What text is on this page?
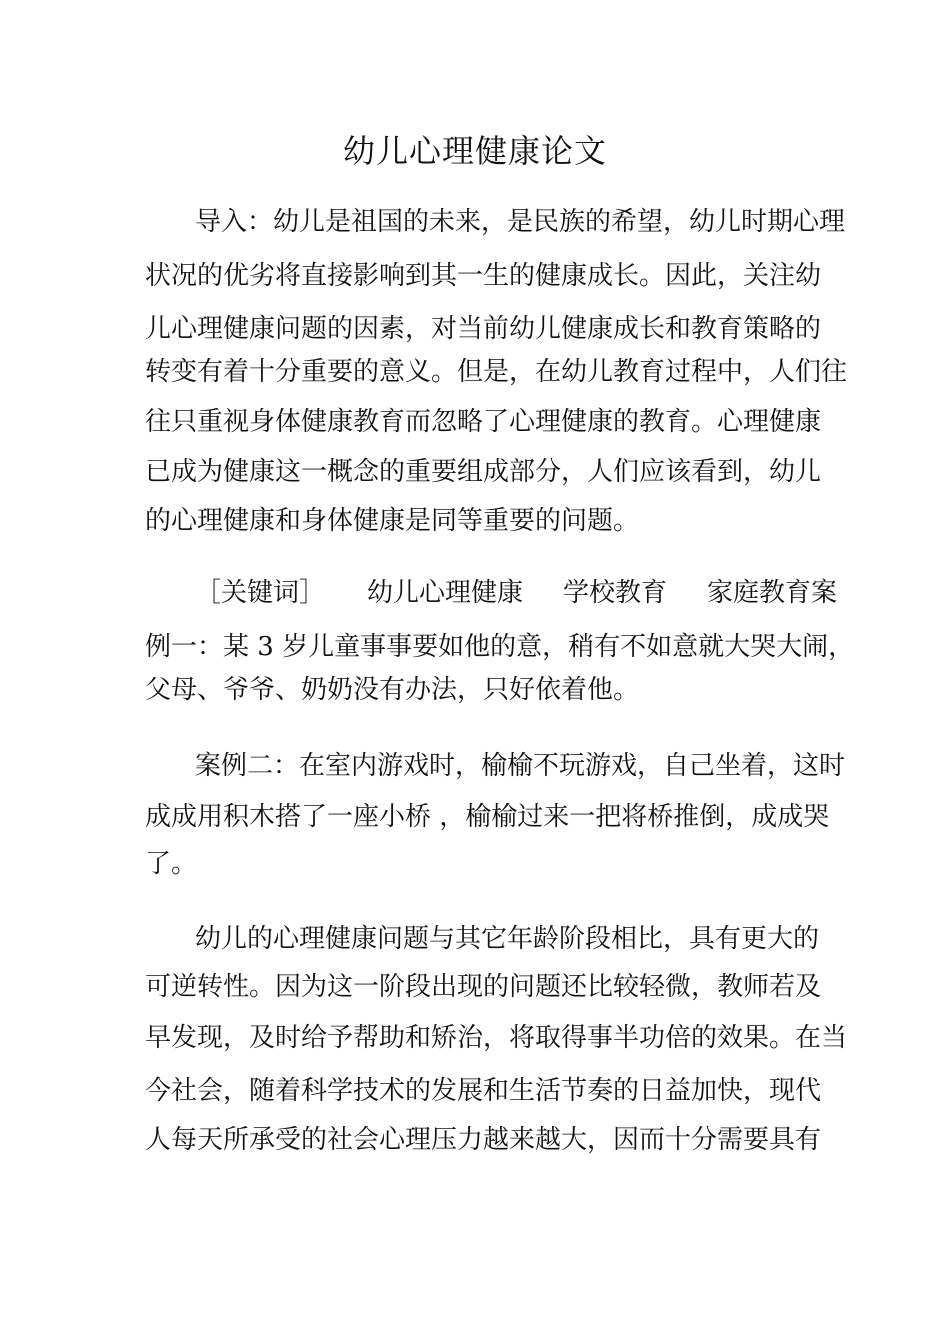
幼儿心理健康论文
导入：幼儿是祖国的未来，是民族的希望，幼儿时期心理
状况的优劣将直接影响到其一生的健康成长。因此，关注幼
儿心理健康问题的因素，对当前幼儿健康成长和教育策略的
转变有着十分重要的意义。但是，在幼儿教育过程中，人们往
往只重视身体健康教育而忽略了心理健康的教育。心理健康
已成为健康这一概念的重要组成部分，人们应该看到，幼儿
的心理健康和身体健康是同等重要的问题。
［关键词］ 幼儿心理健康 学校教育 家庭教育案
例一：某 3 岁儿童事事要如他的意，稍有不如意就大哭大闹，
父母、爷爷、奶奶没有办法，只好依着他。
案例二：在室内游戏时，榆榆不玩游戏，自己坐着，这时
成成用积木搭了一座小桥 ，榆榆过来一把将桥推倒，成成哭
了。
幼儿的心理健康问题与其它年龄阶段相比，具有更大的
可逆转性。因为这一阶段出现的问题还比较轻微，教师若及
早发现，及时给予帮助和矫治，将取得事半功倍的效果。在当
今社会，随着科学技术的发展和生活节奏的日益加快，现代
人每天所承受的社会心理压力越来越大，因而十分需要具有
